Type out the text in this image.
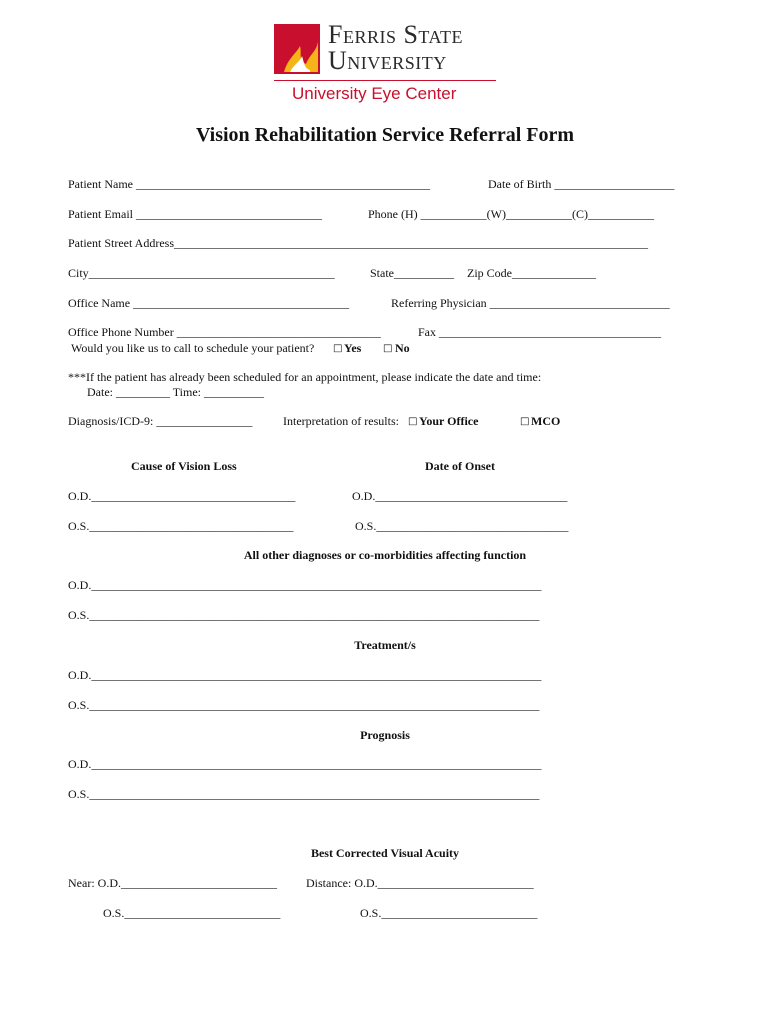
Ferris State
University
University Eye Center
Vision Rehabilitation Service Referral Form
Patient Name _________________________________________________	Date of Birth ____________________
Patient Email _______________________________	Phone (H) ___________(W)___________(C)___________
Patient Street Address_______________________________________________________________________________
City_________________________________________	State__________ Zip Code______________
Office Name ____________________________________	Referring Physician ______________________________
Office Phone Number __________________________________	Fax _____________________________________
Would you like us to call to schedule your patient? □ Yes □ No
***If the patient has already been scheduled for an appointment, please indicate the date and time:
Date: _________ Time: __________
Diagnosis/ICD-9: ________________	Interpretation of results: □ Your Office	□ MCO
Cause of Vision Loss	Date of Onset
O.D.__________________________________	O.D.________________________________
O.S.__________________________________	O.S.________________________________
All other diagnoses or co-morbidities affecting function
O.D.___________________________________________________________________________
O.S.___________________________________________________________________________
Treatment/s
O.D.___________________________________________________________________________
O.S.___________________________________________________________________________
Prognosis
O.D.___________________________________________________________________________
O.S.___________________________________________________________________________
Best Corrected Visual Acuity
Near: O.D.__________________________ Distance: O.D.__________________________
O.S.__________________________	O.S.__________________________
